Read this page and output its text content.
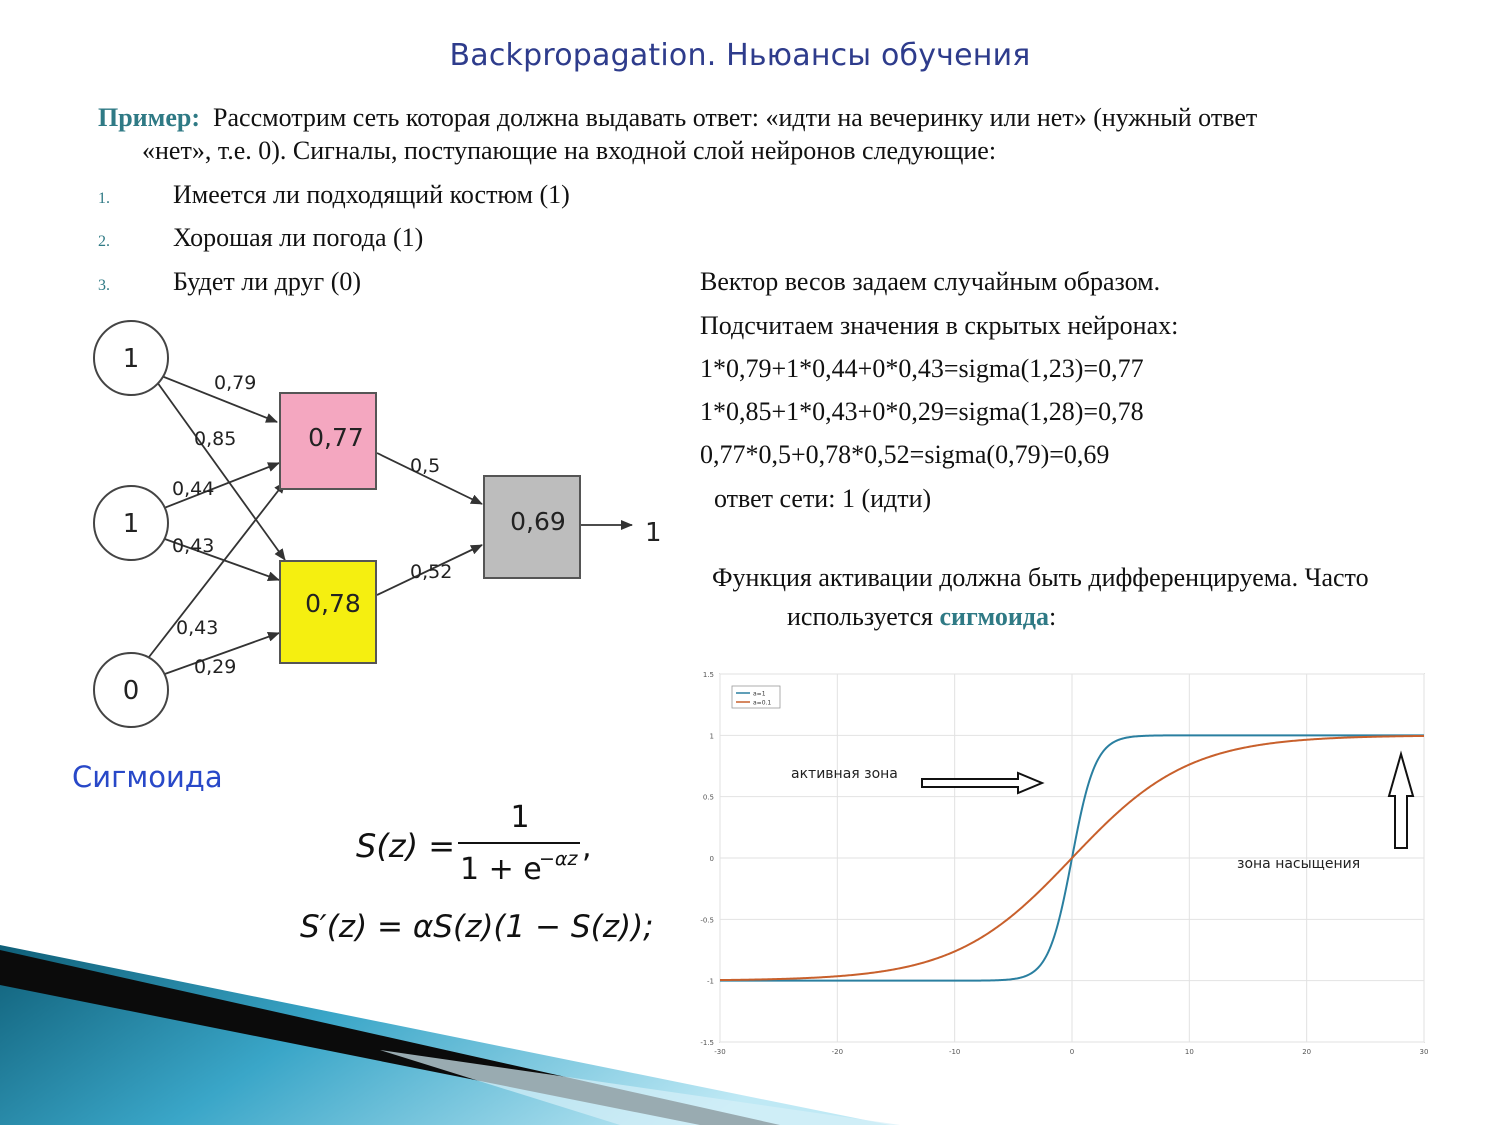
Backpropagation. Ньюансы обучения
Пример: Рассмотрим сеть которая должна выдавать ответ: «идти на вечеринку или нет» (нужный ответ
«нет», т.е. 0). Сигналы, поступающие на входной слой нейронов следующие:
1. Имеется ли подходящий костюм (1)
2. Хорошая ли погода (1)
3. Будет ли друг (0)	Вектор весов задаем случайным образом.
Подсчитаем значения в скрытых нейронах:
1*0,79+1*0,44+0*0,43=sigma(1,23)=0,77
1*0,85+1*0,43+0*0,29=sigma(1,28)=0,78
0,77*0,5+0,78*0,52=sigma(0,79)=0,69
ответ сети: 1 (идти)
Функция активации должна быть дифференцируема. Часто
используется сигмоида:
1
1
0
0,77
0,78
0,69	1
0,79
0,85
0,44
0,43
0,43
0,29
0,5
0,52
Сигмоида
S(z) =
1
1 + e
−αz ,
S′(z) = αS(z)(1 − S(z));
-30	-20	-10	0	10	20	30
1.5
1
0.5
0
-0.5
-1
-1.5
a=1
a=0.1
активная зона
зона насыщения
